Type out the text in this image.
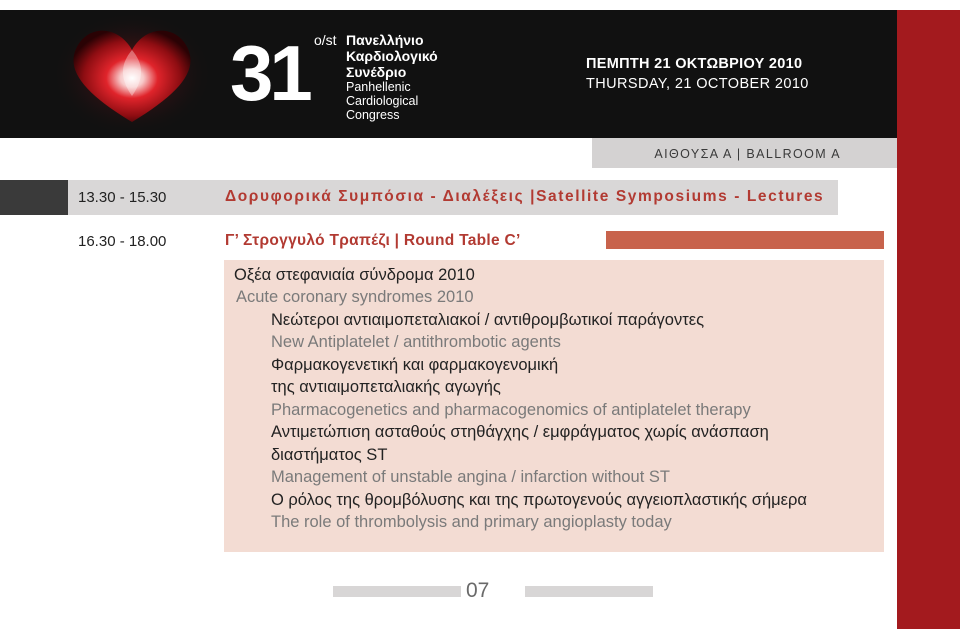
31 o/st Πανελλήνιο
Καρδιολογικό
Συνέδριο
Panhellenic
Cardiological
Congress
ΠΕΜΠΤΗ 21 ΟΚΤΩΒΡΙΟΥ 2010
THURSDAY, 21 OCTOBER 2010
ΑΙΘΟΥΣΑ Α | BALLROOM A
13.30 - 15.30	Δορυφορικά Συμπόσια - Διαλέξεις |Satellite Symposiums - Lectures
16.30 - 18.00	Γ’ Στρογγυλό Τραπέζι | Round Table C’
Οξέα στεφανιαία σύνδρομα 2010
Acute coronary syndromes 2010
Νεώτεροι αντιαιμοπεταλιακοί / αντιθρομβωτικοί παράγοντες
New Antiplatelet / antithrombotic agents
Φαρμακογενετική και φαρμακογενομική
της αντιαιμοπεταλιακής αγωγής
Pharmacogenetics and pharmacogenomics of antiplatelet therapy
Αντιμετώπιση ασταθούς στηθάγχης / εμφράγματος χωρίς ανάσπαση
διαστήματος ST
Management of unstable angina / infarction without ST
Ο ρόλος της θρομβόλυσης και της πρωτογενούς αγγειοπλαστικής σήμερα
The role of thrombolysis and primary angioplasty today
07
